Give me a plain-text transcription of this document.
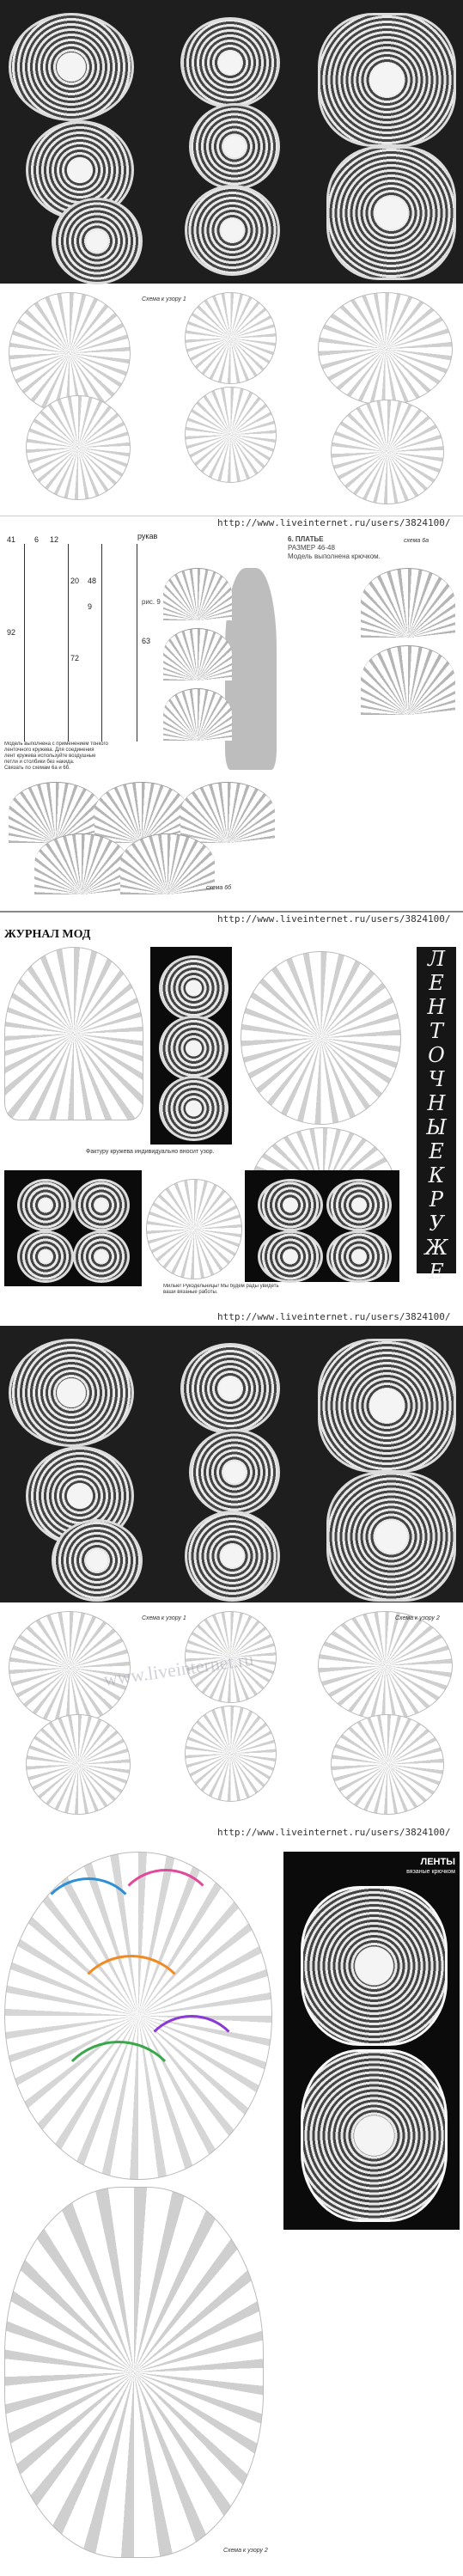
Схема к узору 1
http://www.liveinternet.ru/users/3824100/
41 6 12
92
20
72
рукав
48
9
63
рис. 9
Модель выполнена с применением тонкого
ленточного кружева. Для соединения
лент кружева используйте воздушные
петли и столбики без накида.
Связать по схемам 6а и 6б.
6. ПЛАТЬЕ
РАЗМЕР 46-48
Модель выполнена крючком.
схема 6а
схема 6б
http://www.liveinternet.ru/users/3824100/
ЖУРНАЛ МОД
Л
Е
Н
Т
О
Ч
Н
Ы
Е
К
Р
У
Ж
Е
Фактуру кружева индивидуально вносит узор.
Милые! Рукодельницы! Мы будем рады увидеть ваши вязаные работы.
http://www.liveinternet.ru/users/3824100/
Схема к узору 1	Схема к узору 2
www.liveinternet.ru
http://www.liveinternet.ru/users/3824100/
ЛЕНТЫ
вязаные крючком
Схема к узору 2
